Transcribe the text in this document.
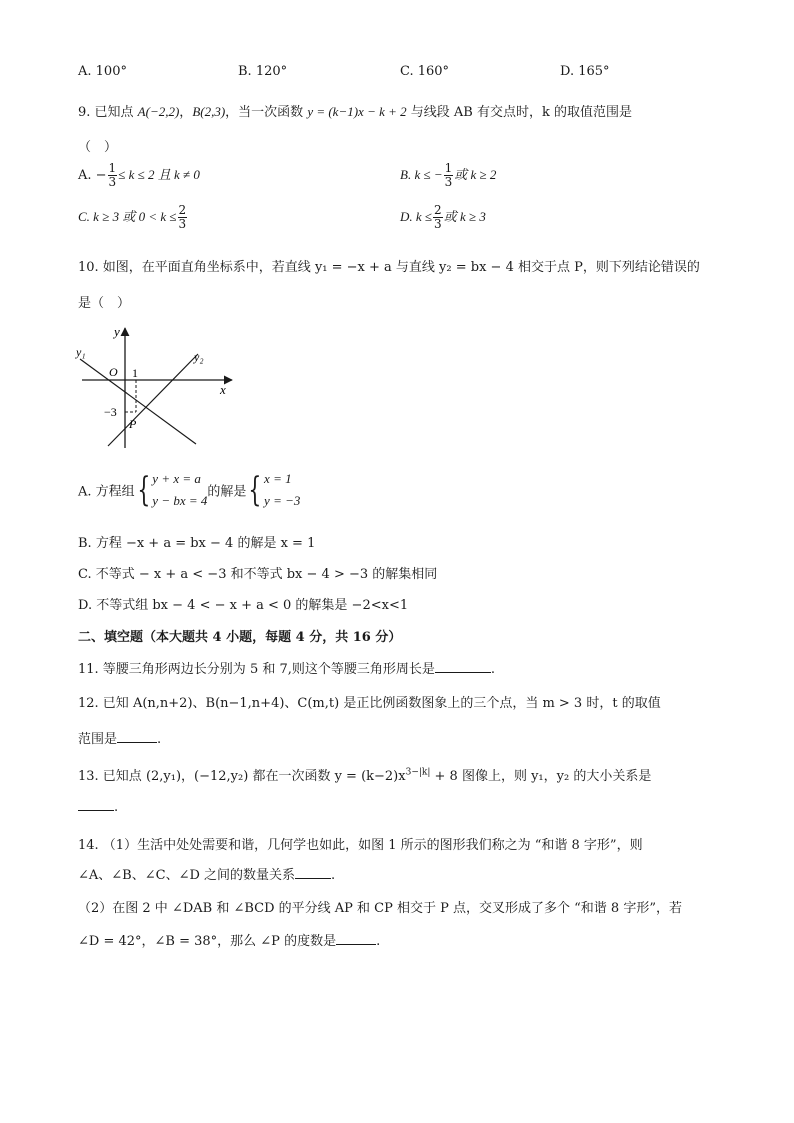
A. 100°	B. 120°	C. 160°	D. 165°
9. 已知点 A(−2,2)，B(2,3)，当一次函数 y = (k−1)x − k + 2 与线段 AB 有交点时，k 的取值范围是
（　）
A. − $\frac{1}{3} \le k \le 2$ 且 k ≠ 0	B. k ≤ − $\frac{1}{3}$ 或 k ≥ 2
C. k ≥ 3 或 $0 < k \le \frac{2}{3}$	D. $k \le \frac{2}{3}$ 或 k ≥ 3
10. 如图，在平面直角坐标系中，若直线 y₁ = −x + a 与直线 y₂ = bx − 4 相交于点 P，则下列结论错误的
是（　）
y
x
O
y₁	y₂
1
−3
P
A. 方程组{ y + x = a
y − bx = 4
的解是{ x = 1
y = −3
B. 方程 −x + a = bx − 4 的解是 x = 1
C. 不等式 − x + a < −3 和不等式 bx − 4 > −3 的解集相同
D. 不等式组 bx − 4 < − x + a < 0 的解集是 −2<x<1
二、填空题（本大题共 4 小题，每题 4 分，共 16 分）
11. 等腰三角形两边长分别为 5 和 7,则这个等腰三角形周长是	.
12. 已知 A(n,n+2)、B(n−1,n+4)、C(m,t) 是正比例函数图象上的三个点，当 m > 3 时，t 的取值
范围是	.
13. 已知点 (2,y₁)，(−12,y₂) 都在一次函数 $y = (k-2)x^{3-|k|} + 8$ 图像上，则 y₁，y₂ 的大小关系是
.
14. （1）生活中处处需要和谐，几何学也如此，如图 1 所示的图形我们称之为 “和谐 8 字形”，则
∠A、∠B、∠C、∠D 之间的数量关系	.
（2）在图 2 中 ∠DAB 和 ∠BCD 的平分线 AP 和 CP 相交于 P 点，交叉形成了多个 “和谐 8 字形”，若
∠D = 42°，∠B = 38°，那么 ∠P 的度数是	.
